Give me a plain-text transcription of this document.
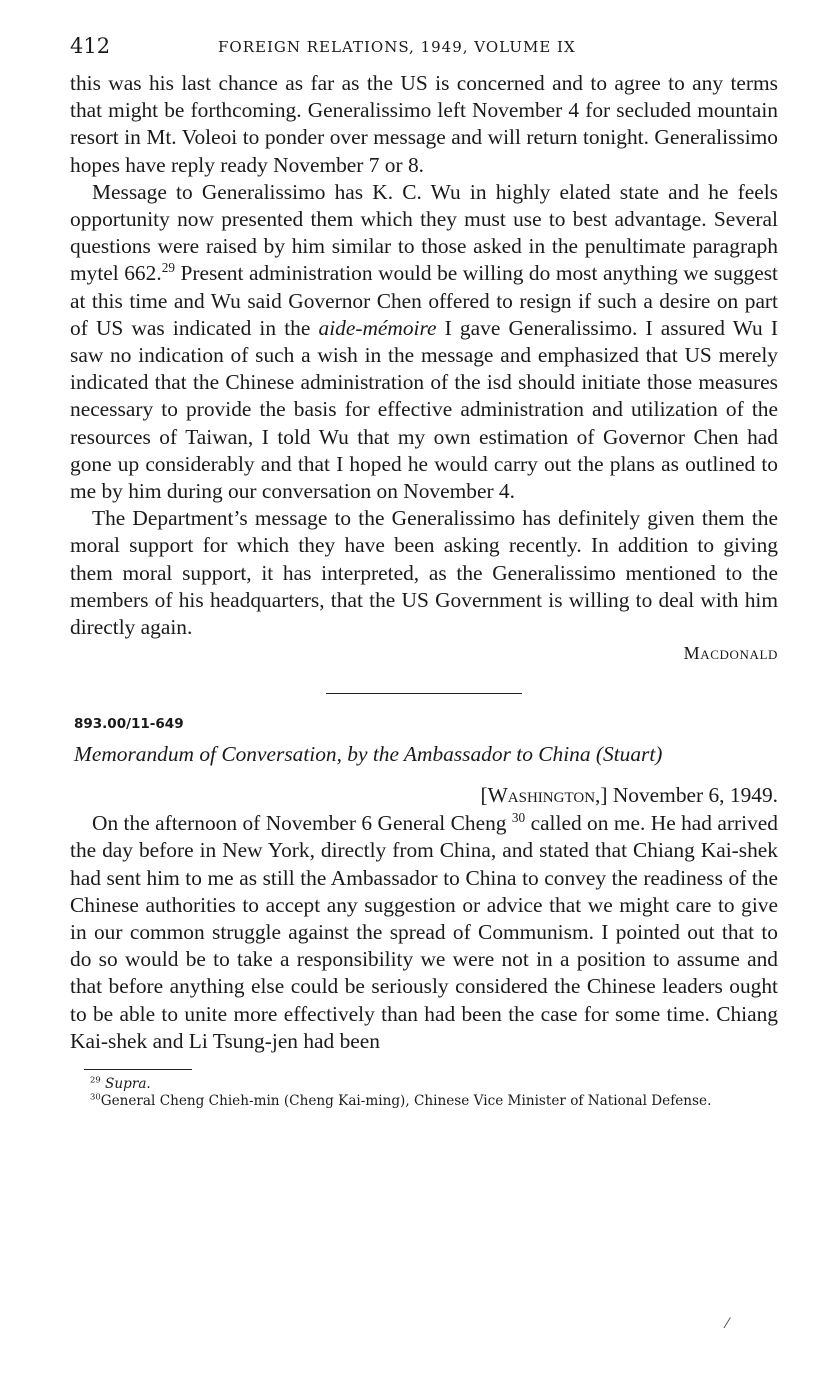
412	FOREIGN RELATIONS, 1949, VOLUME IX

this was his last chance as far as the US is concerned and to agree to any terms that might be forthcoming. Generalissimo left November 4 for secluded mountain resort in Mt. Voleoi to ponder over message and will return tonight. Generalissimo hopes have reply ready November 7 or 8.

Message to Generalissimo has K. C. Wu in highly elated state and he feels opportunity now presented them which they must use to best advantage. Several questions were raised by him similar to those asked in the penultimate paragraph mytel 662.29 Present administration would be willing do most anything we suggest at this time and Wu said Governor Chen offered to resign if such a desire on part of US was indicated in the aide-mémoire I gave Generalissimo. I assured Wu I saw no indication of such a wish in the message and emphasized that US merely indicated that the Chinese administration of the isd should initiate those measures necessary to provide the basis for effective administration and utilization of the resources of Taiwan, I told Wu that my own estimation of Governor Chen had gone up considerably and that I hoped he would carry out the plans as outlined to me by him during our conversation on November 4.

The Department’s message to the Generalissimo has definitely given them the moral support for which they have been asking recently. In addition to giving them moral support, it has interpreted, as the Generalissimo mentioned to the members of his headquarters, that the US Government is willing to deal with him directly again.

Macdonald
893.00/11-649
Memorandum of Conversation, by the Ambassador to China (Stuart)
[Washington,] November 6, 1949.

On the afternoon of November 6 General Cheng $^{30}$ called on me. He had arrived the day before in New York, directly from China, and stated that Chiang Kai-shek had sent him to me as still the Ambassador to China to convey the readiness of the Chinese authorities to accept any suggestion or advice that we might care to give in our common struggle against the spread of Communism. I pointed out that to do so would be to take a responsibility we were not in a position to assume and that before anything else could be seriously considered the Chinese leaders ought to be able to unite more effectively than had been the case for some time. Chiang Kai-shek and Li Tsung-jen had been

$^{29}$ Supra.

$^{30}$General Cheng Chieh-min (Cheng Kai-ming), Chinese Vice Minister of National Defense.

⁄
